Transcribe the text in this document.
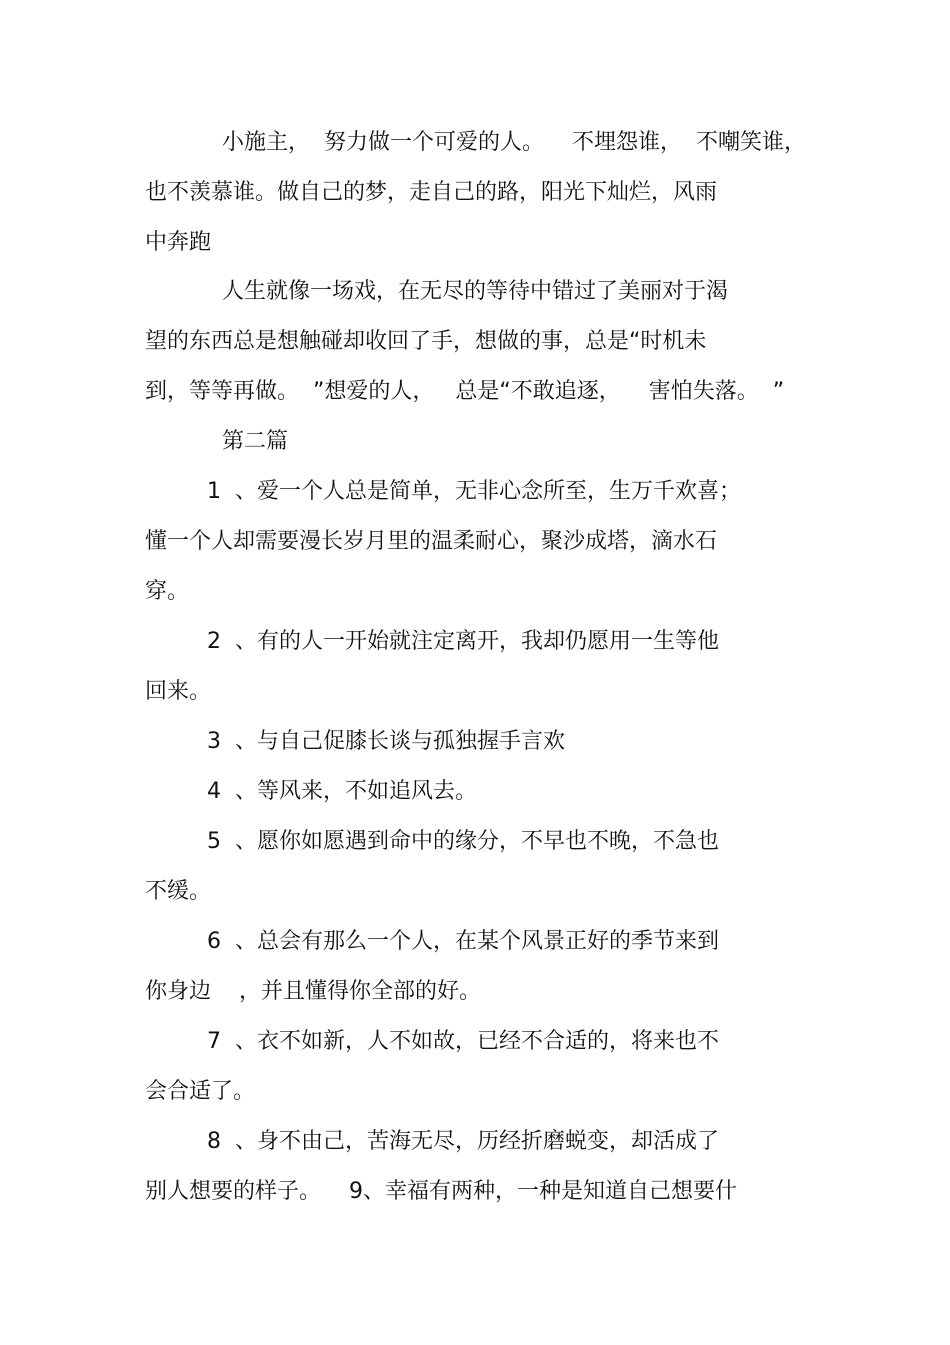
小施主，  努力做一个可爱的人。    不埋怨谁，  不嘲笑谁，
也不羡慕谁。做自己的梦，走自己的路，阳光下灿烂，风雨
中奔跑
人生就像一场戏，在无尽的等待中错过了美丽对于渴
望的东西总是想触碰却收回了手，想做的事，总是“时机未
到，等等再做。  ”想爱的人，   总是“不敢追逐，    害怕失落。  ”
第二篇
1  、爱一个人总是简单，无非心念所至，生万千欢喜；
懂一个人却需要漫长岁月里的温柔耐心，聚沙成塔，滴水石
穿。
2  、有的人一开始就注定离开，我却仍愿用一生等他
回来。
3  、与自己促膝长谈与孤独握手言欢
4  、等风来，不如追风去。
5  、愿你如愿遇到命中的缘分，不早也不晚，不急也
不缓。
6  、总会有那么一个人，在某个风景正好的季节来到
你身边    ，并且懂得你全部的好。
7  、衣不如新，人不如故，已经不合适的，将来也不
会合适了。
8  、身不由己，苦海无尽，历经折磨蜕变，却活成了
别人想要的样子。    9、幸福有两种，一种是知道自己想要什
